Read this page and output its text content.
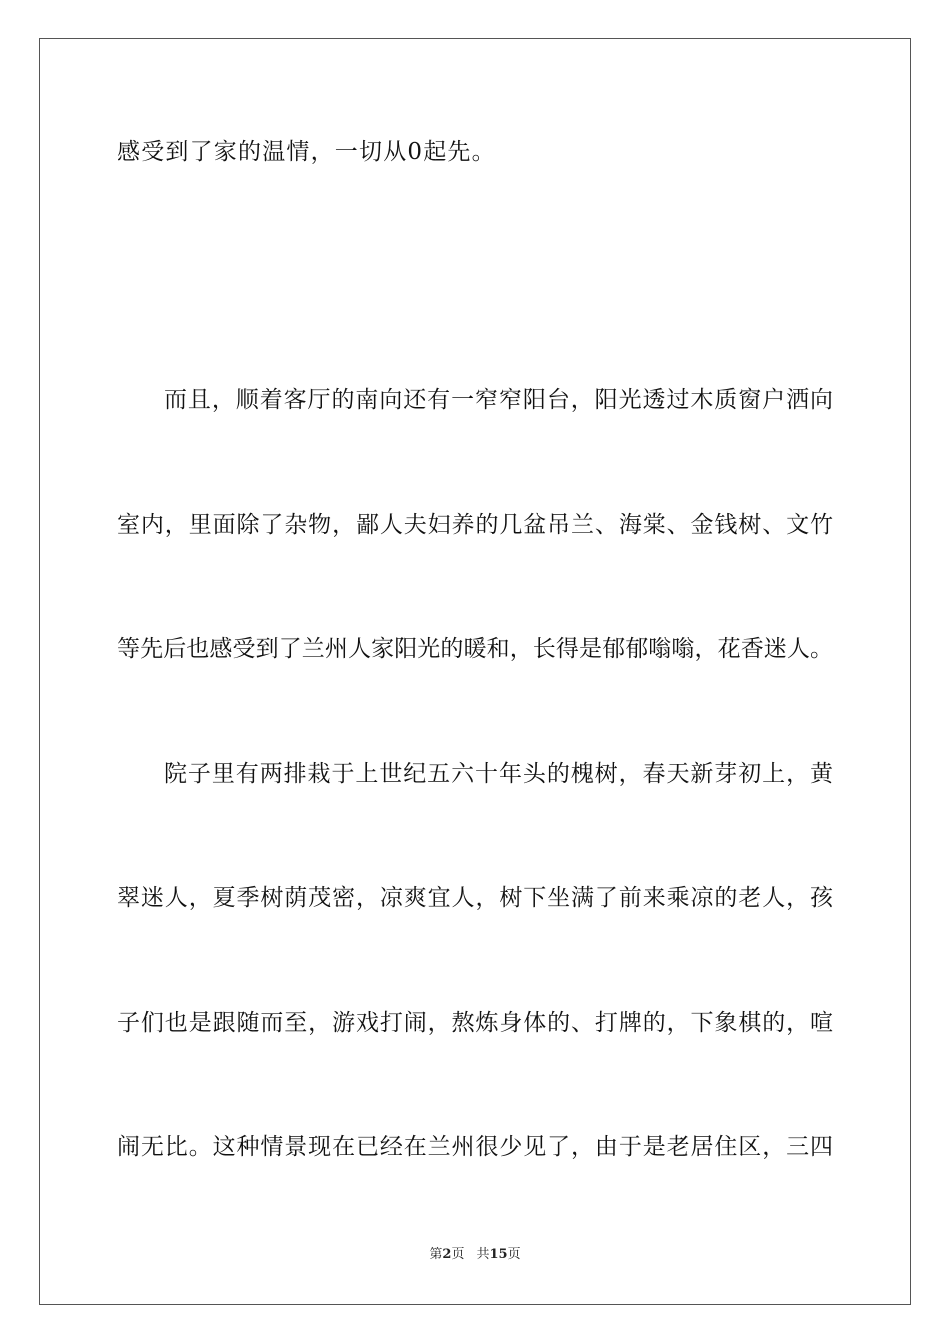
感受到了家的温情，一切从0起先。
而且，顺着客厅的南向还有一窄窄阳台，阳光透过木质窗户洒向
室内，里面除了杂物，鄙人夫妇养的几盆吊兰、海棠、金钱树、文竹
等先后也感受到了兰州人家阳光的暖和，长得是郁郁嗡嗡，花香迷人。
院子里有两排栽于上世纪五六十年头的槐树，春天新芽初上，黄
翠迷人，夏季树荫茂密，凉爽宜人，树下坐满了前来乘凉的老人，孩
子们也是跟随而至，游戏打闹，熬炼身体的、打牌的，下象棋的，喧
闹无比。这种情景现在已经在兰州很少见了，由于是老居住区，三四
第2页 共15页
